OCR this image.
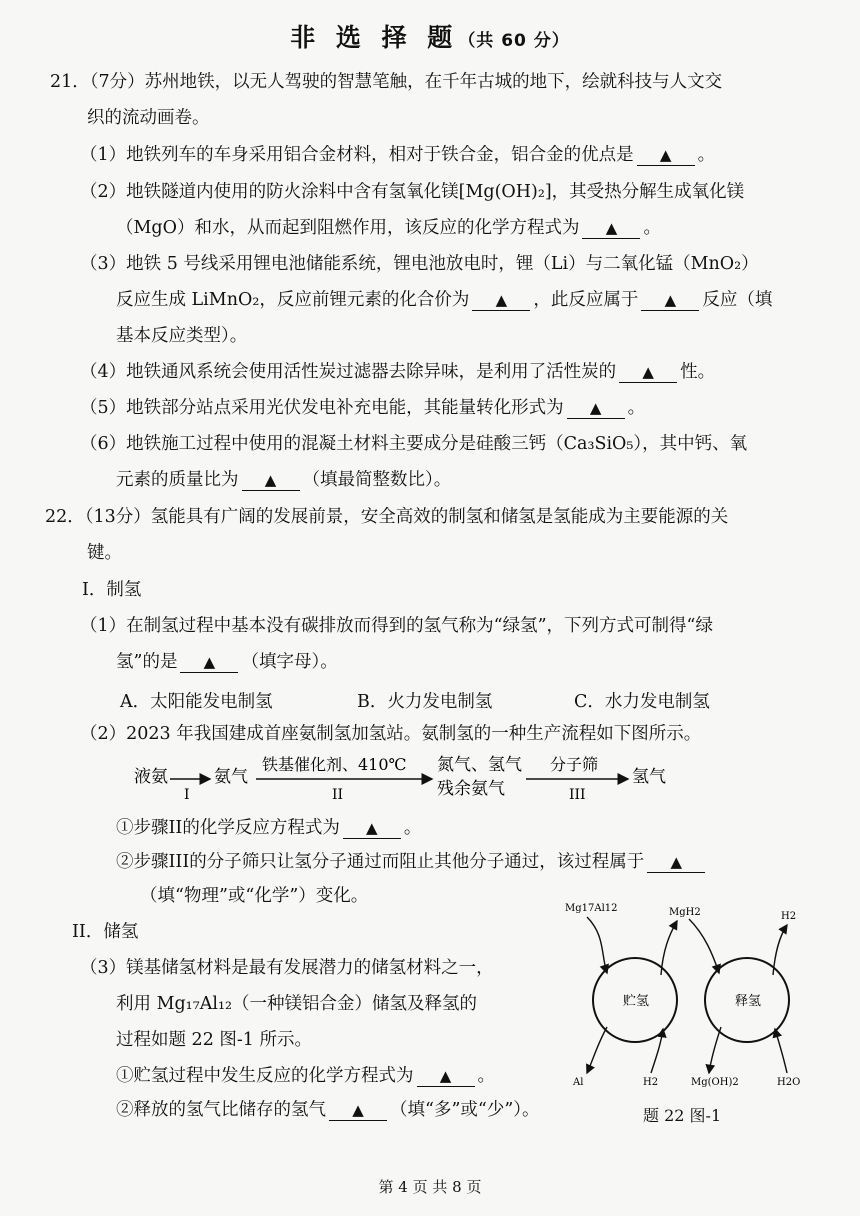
非 选 择 题（共 60 分）
21．（7分）苏州地铁，以无人驾驶的智慧笔触，在千年古城的地下，绘就科技与人文交
织的流动画卷。
（1）地铁列车的车身采用铝合金材料，相对于铁合金，铝合金的优点是 ▲ 。
（2）地铁隧道内使用的防火涂料中含有氢氧化镁[Mg(OH)₂]，其受热分解生成氧化镁
（MgO）和水，从而起到阻燃作用，该反应的化学方程式为 ▲ 。
（3）地铁 5 号线采用锂电池储能系统，锂电池放电时，锂（Li）与二氧化锰（MnO₂）
反应生成 LiMnO₂，反应前锂元素的化合价为 ▲ ，此反应属于 ▲ 反应（填
基本反应类型）。
（4）地铁通风系统会使用活性炭过滤器去除异味，是利用了活性炭的 ▲ 性。
（5）地铁部分站点采用光伏发电补充电能，其能量转化形式为 ▲ 。
（6）地铁施工过程中使用的混凝土材料主要成分是硅酸三钙（Ca₃SiO₅），其中钙、氧
元素的质量比为 ▲ （填最简整数比）。
22．（13分）氢能具有广阔的发展前景，安全高效的制氢和储氢是氢能成为主要能源的关
键。
I．制氢
（1）在制氢过程中基本没有碳排放而得到的氢气称为“绿氢”，下列方式可制得“绿
氢”的是 ▲ （填字母）。
A．太阳能发电制氢	B．火力发电制氢	C．水力发电制氢
（2）2023 年我国建成首座氨制氢加氢站。氨制氢的一种生产流程如下图所示。
液氨
I
氨气
铁基催化剂、410℃
II
氮气、氢气
残余氨气
分子筛
III
氢气
①步骤II的化学反应方程式为 ▲ 。
②步骤III的分子筛只让氢分子通过而阻止其他分子通过，该过程属于 ▲
（填“物理”或“化学”）变化。
II．储氢
（3）镁基储氢材料是最有发展潜力的储氢材料之一，
利用 Mg₁₇Al₁₂（一种镁铝合金）储氢及释氢的
过程如题 22 图-1 所示。
①贮氢过程中发生反应的化学方程式为 ▲ 。
②释放的氢气比储存的氢气 ▲ （填“多”或“少”）。
贮氢	释氢
Mg17Al12	MgH2	H2
Al	H2	Mg(OH)2	H2O
题 22 图-1
第 4 页 共 8 页
